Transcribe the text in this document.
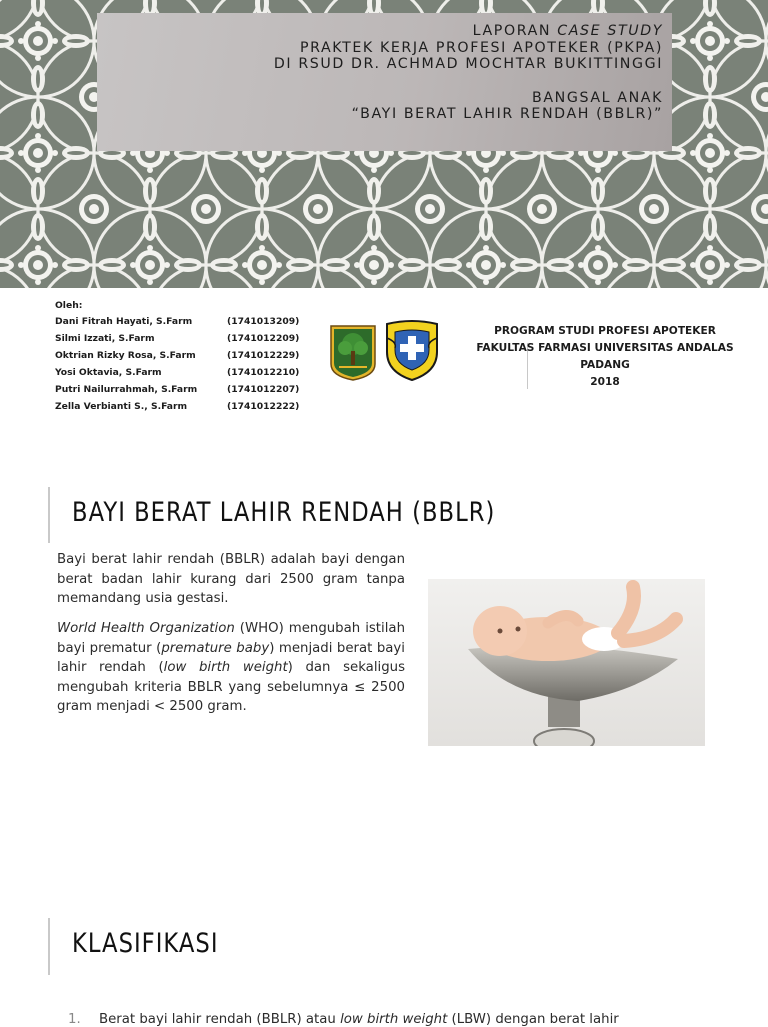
LAPORAN CASE STUDY
PRAKTEK KERJA PROFESI APOTEKER (PKPA)
DI RSUD DR. ACHMAD MOCHTAR BUKITTINGGI
BANGSAL ANAK
“BAYI BERAT LAHIR RENDAH (BBLR)”
Oleh:
Dani Fitrah Hayati, S.Farm	(1741013209)
Silmi Izzati, S.Farm	(1741012209)
Oktrian Rizky Rosa, S.Farm	(1741012229)
Yosi Oktavia, S.Farm	(1741012210)
Putri Nailurrahmah, S.Farm	(1741012207)
Zella Verbianti S., S.Farm	(1741012222)
PROGRAM STUDI PROFESI APOTEKER
FAKULTAS FARMASI UNIVERSITAS ANDALAS
PADANG
2018
BAYI BERAT LAHIR RENDAH (BBLR)

Bayi berat lahir rendah (BBLR) adalah bayi dengan berat badan lahir kurang dari 2500 gram tanpa memandang usia gestasi.

World Health Organization (WHO) mengubah istilah bayi prematur (premature baby) menjadi berat bayi lahir rendah (low birth weight) dan sekaligus mengubah kriteria BBLR yang sebelumnya ≤ 2500 gram menjadi < 2500 gram.

KLASIFIKASI
1. Berat bayi lahir rendah (BBLR) atau low birth weight (LBW) dengan berat lahir
